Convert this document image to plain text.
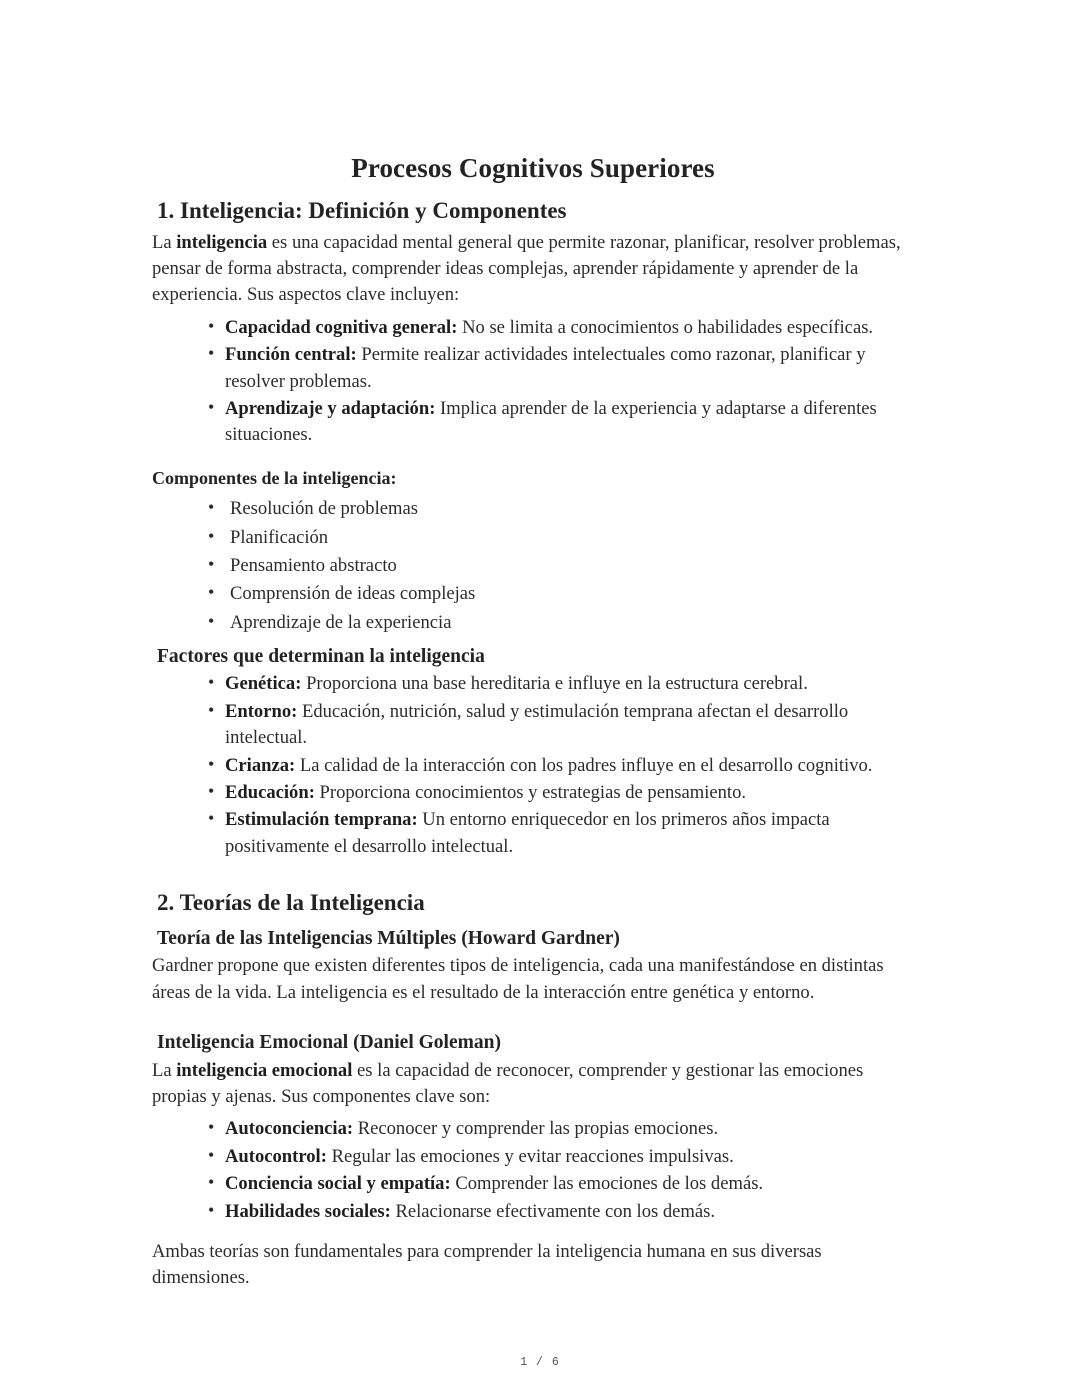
Procesos Cognitivos Superiores
1. Inteligencia: Definición y Componentes

La inteligencia es una capacidad mental general que permite razonar, planificar, resolver problemas, pensar de forma abstracta, comprender ideas complejas, aprender rápidamente y aprender de la experiencia. Sus aspectos clave incluyen:

• Capacidad cognitiva general: No se limita a conocimientos o habilidades específicas.
• Función central: Permite realizar actividades intelectuales como razonar, planificar y resolver problemas.
• Aprendizaje y adaptación: Implica aprender de la experiencia y adaptarse a diferentes situaciones.
Componentes de la inteligencia:
• Resolución de problemas
• Planificación
• Pensamiento abstracto
• Comprensión de ideas complejas
• Aprendizaje de la experiencia
Factores que determinan la inteligencia
• Genética: Proporciona una base hereditaria e influye en la estructura cerebral.
• Entorno: Educación, nutrición, salud y estimulación temprana afectan el desarrollo intelectual.
• Crianza: La calidad de la interacción con los padres influye en el desarrollo cognitivo.
• Educación: Proporciona conocimientos y estrategias de pensamiento.
• Estimulación temprana: Un entorno enriquecedor en los primeros años impacta positivamente el desarrollo intelectual.
2. Teorías de la Inteligencia
Teoría de las Inteligencias Múltiples (Howard Gardner)

Gardner propone que existen diferentes tipos de inteligencia, cada una manifestándose en distintas áreas de la vida. La inteligencia es el resultado de la interacción entre genética y entorno.

Inteligencia Emocional (Daniel Goleman)

La inteligencia emocional es la capacidad de reconocer, comprender y gestionar las emociones propias y ajenas. Sus componentes clave son:

• Autoconciencia: Reconocer y comprender las propias emociones.
• Autocontrol: Regular las emociones y evitar reacciones impulsivas.
• Conciencia social y empatía: Comprender las emociones de los demás.
• Habilidades sociales: Relacionarse efectivamente con los demás.

Ambas teorías son fundamentales para comprender la inteligencia humana en sus diversas dimensiones.

1 / 6
